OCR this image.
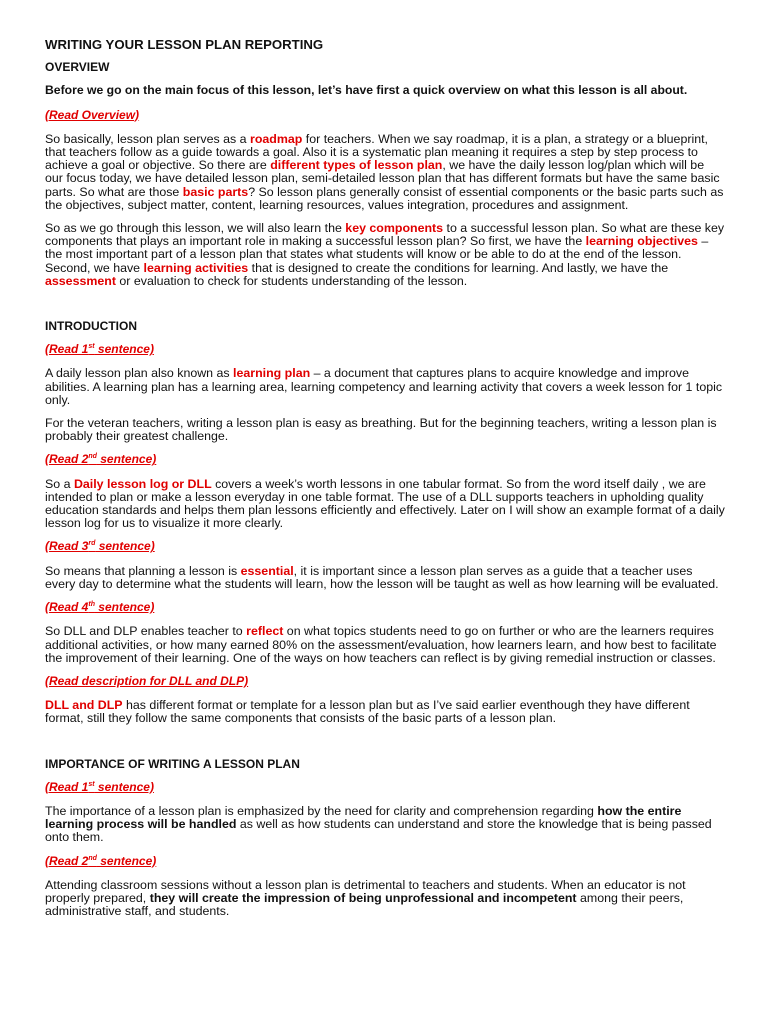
WRITING YOUR LESSON PLAN REPORTING
OVERVIEW
Before we go on the main focus of this lesson, let’s have first a quick overview on what this lesson is all about.
(Read Overview)

So basically, lesson plan serves as a roadmap for teachers. When we say roadmap, it is a plan, a strategy or a blueprint, that teachers follow as a guide towards a goal. Also it is a systematic plan meaning it requires a step by step process to achieve a goal or objective. So there are different types of lesson plan, we have the daily lesson log/plan which will be our focus today, we have detailed lesson plan, semi-detailed lesson plan that has different formats but have the same basic parts. So what are those basic parts? So lesson plans generally consist of essential components or the basic parts such as the objectives, subject matter, content, learning resources, values integration, procedures and assignment.

So as we go through this lesson, we will also learn the key components to a successful lesson plan. So what are these key components that plays an important role in making a successful lesson plan? So first, we have the learning objectives – the most important part of a lesson plan that states what students will know or be able to do at the end of the lesson. Second, we have learning activities that is designed to create the conditions for learning. And lastly, we have the assessment or evaluation to check for students understanding of the lesson.

INTRODUCTION
(Read 1st sentence)

A daily lesson plan also known as learning plan – a document that captures plans to acquire knowledge and improve abilities. A learning plan has a learning area, learning competency and learning activity that covers a week lesson for 1 topic only.

For the veteran teachers, writing a lesson plan is easy as breathing. But for the beginning teachers, writing a lesson plan is probably their greatest challenge.

(Read 2nd sentence)

So a Daily lesson log or DLL covers a week’s worth lessons in one tabular format. So from the word itself daily , we are intended to plan or make a lesson everyday in one table format. The use of a DLL supports teachers in upholding quality education standards and helps them plan lessons efficiently and effectively. Later on I will show an example format of a daily lesson log for us to visualize it more clearly.

(Read 3rd sentence)

So means that planning a lesson is essential, it is important since a lesson plan serves as a guide that a teacher uses every day to determine what the students will learn, how the lesson will be taught as well as how learning will be evaluated.

(Read 4th sentence)

So DLL and DLP enables teacher to reflect on what topics students need to go on further or who are the learners requires additional activities, or how many earned 80% on the assessment/evaluation, how learners learn, and how best to facilitate the improvement of their learning. One of the ways on how teachers can reflect is by giving remedial instruction or classes.

(Read description for DLL and DLP)

DLL and DLP has different format or template for a lesson plan but as I’ve said earlier eventhough they have different format, still they follow the same components that consists of the basic parts of a lesson plan.

IMPORTANCE OF WRITING A LESSON PLAN
(Read 1st sentence)

The importance of a lesson plan is emphasized by the need for clarity and comprehension regarding how the entire learning process will be handled as well as how students can understand and store the knowledge that is being passed onto them.

(Read 2nd sentence)

Attending classroom sessions without a lesson plan is detrimental to teachers and students. When an educator is not properly prepared, they will create the impression of being unprofessional and incompetent among their peers, administrative staff, and students.
